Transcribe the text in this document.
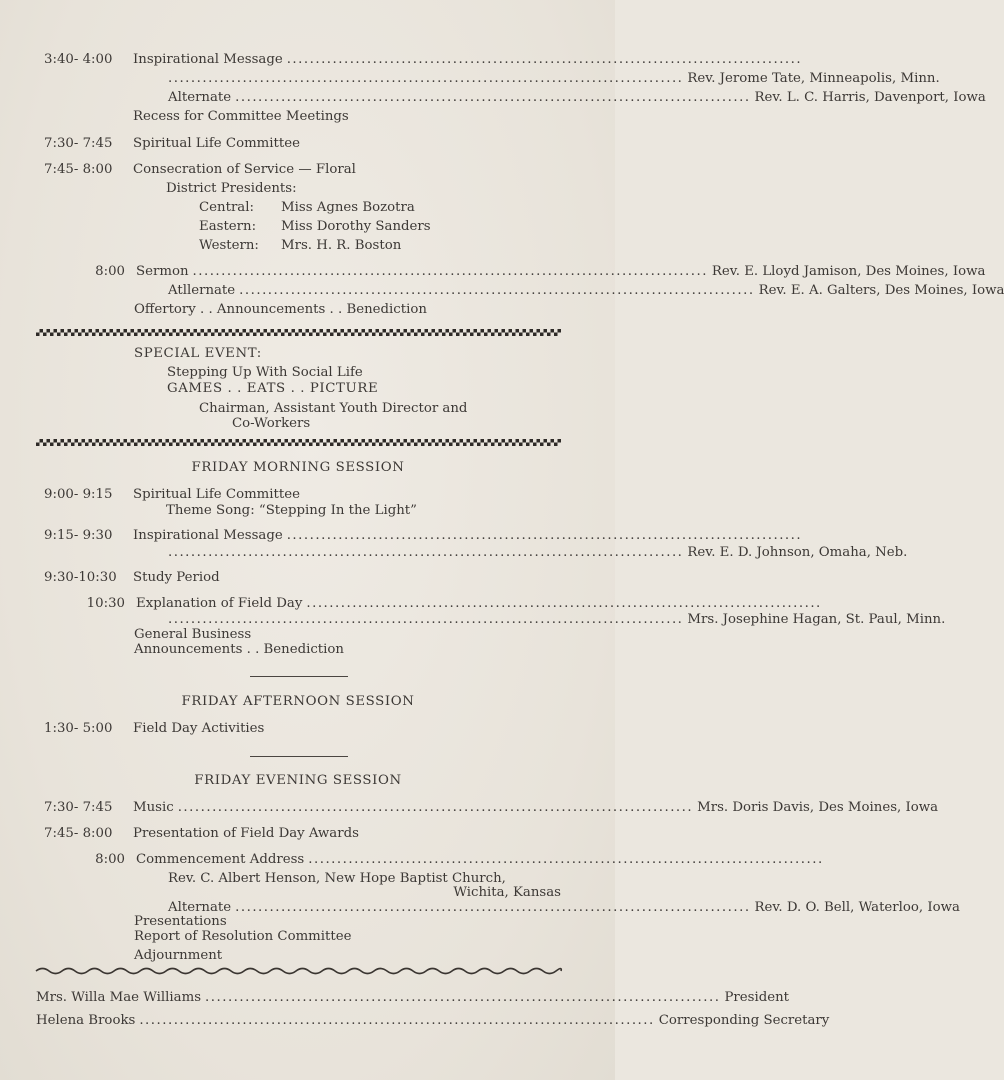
3:40- 4:00 Inspirational Message ..........................................................................................
.......................................................................................... Rev. Jerome Tate, Minneapolis, Minn.
Alternate .......................................................................................... Rev. L. C. Harris, Davenport, Iowa
Recess for Committee Meetings
7:30- 7:45 Spiritual Life Committee
7:45- 8:00 Consecration of Service — Floral
District Presidents:
Central: Miss Agnes Bozotra
Eastern: Miss Dorothy Sanders
Western: Mrs. H. R. Boston
8:00 Sermon .......................................................................................... Rev. E. Lloyd Jamison, Des Moines, Iowa
Atllernate .......................................................................................... Rev. E. A. Galters, Des Moines, Iowa
Offertory . . Announcements . . Benediction
SPECIAL EVENT:
Stepping Up With Social Life
GAMES . . EATS . . PICTURE
Chairman, Assistant Youth Director and
Co-Workers
FRIDAY MORNING SESSION
9:00- 9:15 Spiritual Life Committee
Theme Song: “Stepping In the Light”
9:15- 9:30 Inspirational Message ..........................................................................................
.......................................................................................... Rev. E. D. Johnson, Omaha, Neb.
9:30-10:30 Study Period
10:30 Explanation of Field Day ..........................................................................................
.......................................................................................... Mrs. Josephine Hagan, St. Paul, Minn.
General Business
Announcements . . Benediction
FRIDAY AFTERNOON SESSION
1:30- 5:00 Field Day Activities
FRIDAY EVENING SESSION
7:30- 7:45 Music .......................................................................................... Mrs. Doris Davis, Des Moines, Iowa
7:45- 8:00 Presentation of Field Day Awards
8:00 Commencement Address ..........................................................................................
Rev. C. Albert Henson, New Hope Baptist Church,
Wichita, Kansas
Alternate .......................................................................................... Rev. D. O. Bell, Waterloo, Iowa
Presentations
Report of Resolution Committee
Adjournment
Mrs. Willa Mae Williams .......................................................................................... President
Helena Brooks .......................................................................................... Corresponding Secretary
